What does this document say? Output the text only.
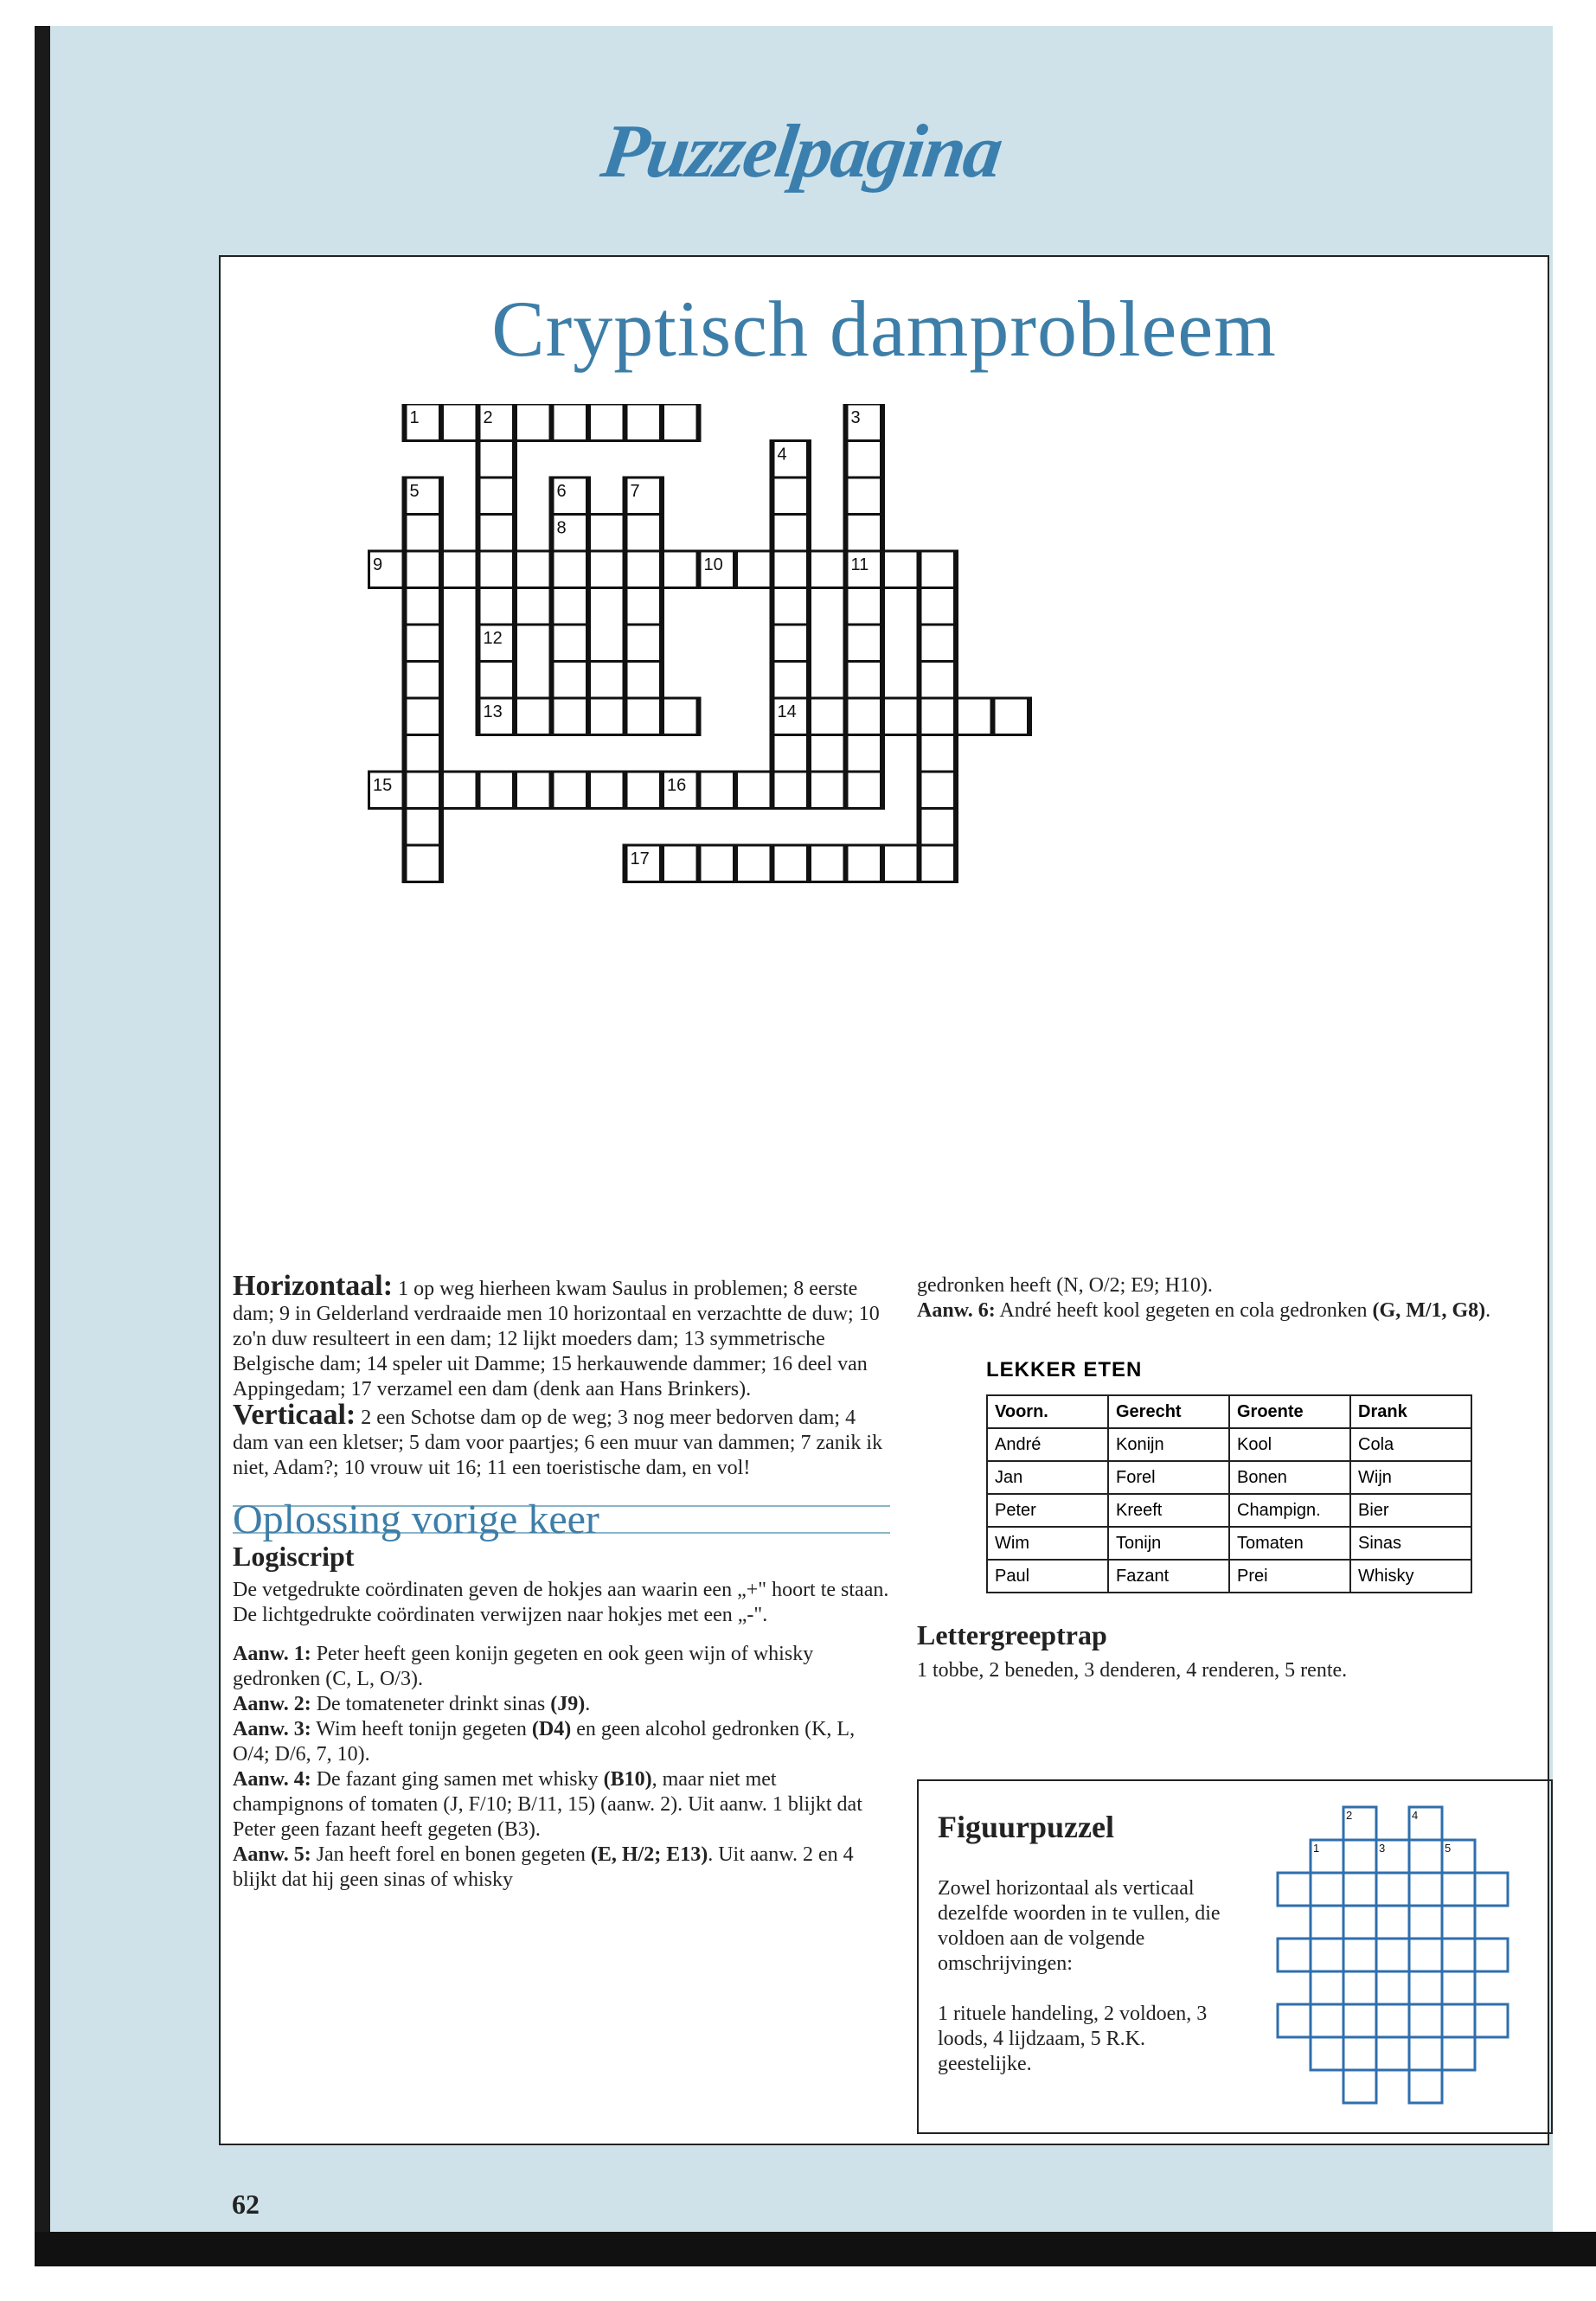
Puzzelpagina
Cryptisch damprobleem
1	2	3
4
5	6	7
8
9	10	11
12
13	14
15	16
17
Horizontaal: 1 op weg hierheen kwam Saulus in problemen; 8 eerste dam; 9 in Gelderland verdraaide men 10 horizontaal en verzachtte de duw; 10 zo'n duw resulteert in een dam; 12 lijkt moeders dam; 13 symmetrische Belgische dam; 14 speler uit Damme; 15 herkauwende dammer; 16 deel van Appingedam; 17 verzamel een dam (denk aan Hans Brinkers).
Verticaal: 2 een Schotse dam op de weg; 3 nog meer bedorven dam; 4 dam van een kletser; 5 dam voor paartjes; 6 een muur van dammen; 7 zanik ik niet, Adam?; 10 vrouw uit 16; 11 een toeristische dam, en vol!
Oplossing vorige keer
Logiscript
De vetgedrukte coördinaten geven de hokjes aan waarin een „+" hoort te staan. De lichtgedrukte coördinaten verwijzen naar hokjes met een „-".
Aanw. 1: Peter heeft geen konijn gegeten en ook geen wijn of whisky gedronken (C, L, O/3).
Aanw. 2: De tomateneter drinkt sinas (J9).
Aanw. 3: Wim heeft tonijn gegeten (D4) en geen alcohol gedronken (K, L, O/4; D/6, 7, 10).
Aanw. 4: De fazant ging samen met whisky (B10), maar niet met champignons of tomaten (J, F/10; B/11, 15) (aanw. 2). Uit aanw. 1 blijkt dat Peter geen fazant heeft gegeten (B3).
Aanw. 5: Jan heeft forel en bonen gegeten (E, H/2; E13). Uit aanw. 2 en 4 blijkt dat hij geen sinas of whisky
gedronken heeft (N, O/2; E9; H10).
Aanw. 6: André heeft kool gegeten en cola gedronken (G, M/1, G8).
LEKKER ETEN
Voorn.	Gerecht	Groente	Drank
André	Konijn	Kool	Cola
Jan	Forel	Bonen	Wijn
Peter	Kreeft	Champign.	Bier
Wim	Tonijn	Tomaten	Sinas
Paul	Fazant	Prei	Whisky
Lettergreeptrap
1 tobbe, 2 beneden, 3 denderen, 4 renderen, 5 rente.
Figuurpuzzel
Zowel horizontaal als verticaal dezelfde woorden in te vullen, die voldoen aan de volgende omschrijvingen:
1 rituele handeling, 2 voldoen, 3 loods, 4 lijdzaam, 5 R.K. geestelijke.
1
2
3
4
5
62
